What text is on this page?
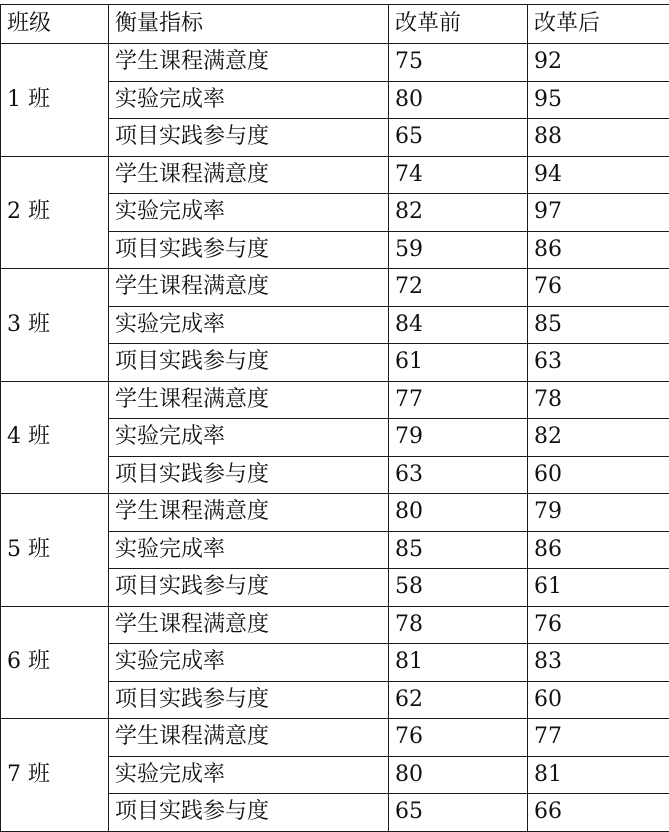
班级	衡量指标	改革前	改革后
1 班	学生课程满意度	75	92
	实验完成率	80	95
	项目实践参与度	65	88
2 班	学生课程满意度	74	94
	实验完成率	82	97
	项目实践参与度	59	86
3 班	学生课程满意度	72	76
	实验完成率	84	85
	项目实践参与度	61	63
4 班	学生课程满意度	77	78
	实验完成率	79	82
	项目实践参与度	63	60
5 班	学生课程满意度	80	79
	实验完成率	85	86
	项目实践参与度	58	61
6 班	学生课程满意度	78	76
	实验完成率	81	83
	项目实践参与度	62	60
7 班	学生课程满意度	76	77
	实验完成率	80	81
	项目实践参与度	65	66
